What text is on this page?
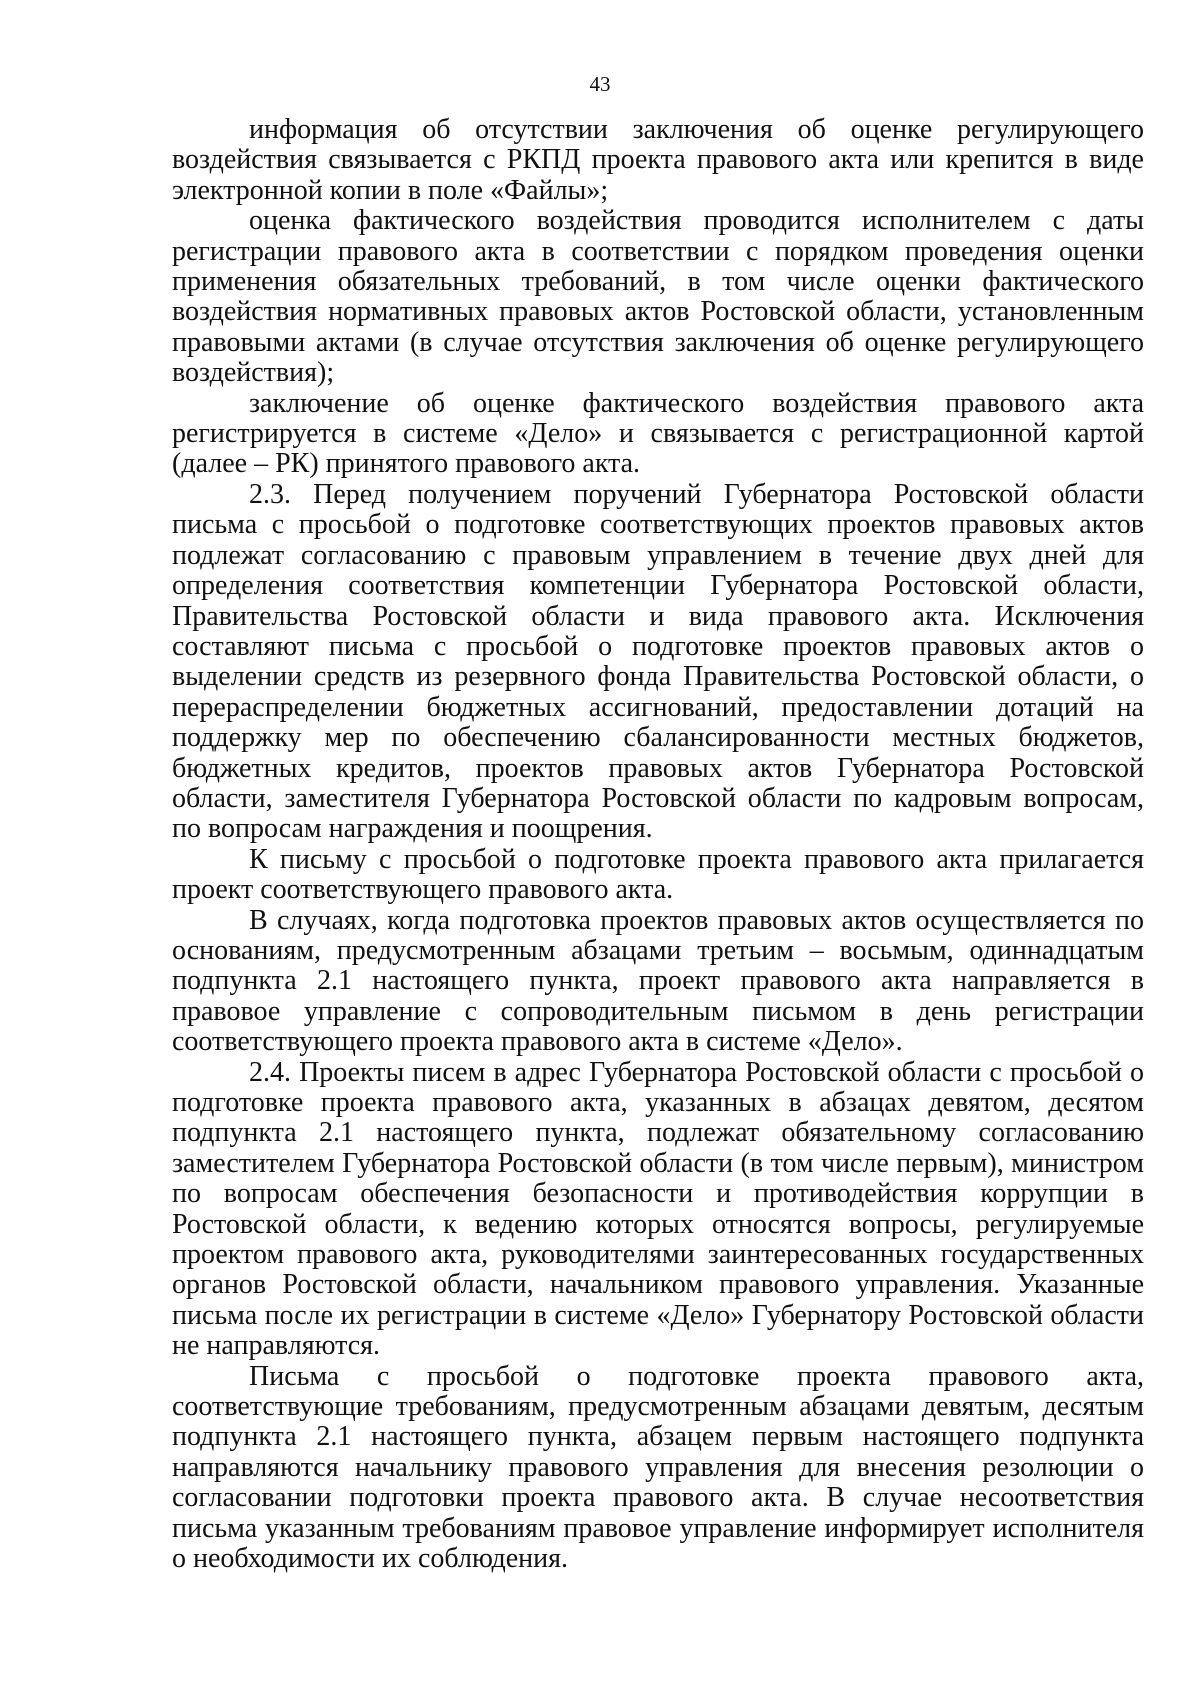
43

информация об отсутствии заключения об оценке регулирующего воздействия связывается с РКПД проекта правового акта или крепится в виде электронной копии в поле «Файлы»;

оценка фактического воздействия проводится исполнителем с даты регистрации правового акта в соответствии с порядком проведения оценки применения обязательных требований, в том числе оценки фактического воздействия нормативных правовых актов Ростовской области, установленным правовыми актами (в случае отсутствия заключения об оценке регулирующего воздействия);

заключение об оценке фактического воздействия правового акта регистрируется в системе «Дело» и связывается с регистрационной картой (далее – РК) принятого правового акта.

2.3. Перед получением поручений Губернатора Ростовской области письма с просьбой о подготовке соответствующих проектов правовых актов подлежат согласованию с правовым управлением в течение двух дней для определения соответствия компетенции Губернатора Ростовской области, Правительства Ростовской области и вида правового акта. Исключения составляют письма с просьбой о подготовке проектов правовых актов о выделении средств из резервного фонда Правительства Ростовской области, о перераспределении бюджетных ассигнований, предоставлении дотаций на поддержку мер по обеспечению сбалансированности местных бюджетов, бюджетных кредитов, проектов правовых актов Губернатора Ростовской области, заместителя Губернатора Ростовской области по кадровым вопросам, по вопросам награждения и поощрения.

К письму с просьбой о подготовке проекта правового акта прилагается проект соответствующего правового акта.

В случаях, когда подготовка проектов правовых актов осуществляется по основаниям, предусмотренным абзацами третьим – восьмым, одиннадцатым подпункта 2.1 настоящего пункта, проект правового акта направляется в правовое управление с сопроводительным письмом в день регистрации соответствующего проекта правового акта в системе «Дело».

2.4. Проекты писем в адрес Губернатора Ростовской области с просьбой о подготовке проекта правового акта, указанных в абзацах девятом, десятом подпункта 2.1 настоящего пункта, подлежат обязательному согласованию заместителем Губернатора Ростовской области (в том числе первым), министром по вопросам обеспечения безопасности и противодействия коррупции в Ростовской области, к ведению которых относятся вопросы, регулируемые проектом правового акта, руководителями заинтересованных государственных органов Ростовской области, начальником правового управления. Указанные письма после их регистрации в системе «Дело» Губернатору Ростовской области не направляются.

Письма с просьбой о подготовке проекта правового акта, соответствующие требованиям, предусмотренным абзацами девятым, десятым подпункта 2.1 настоящего пункта, абзацем первым настоящего подпункта направляются начальнику правового управления для внесения резолюции о согласовании подготовки проекта правового акта. В случае несоответствия письма указанным требованиям правовое управление информирует исполнителя о необходимости их соблюдения.
